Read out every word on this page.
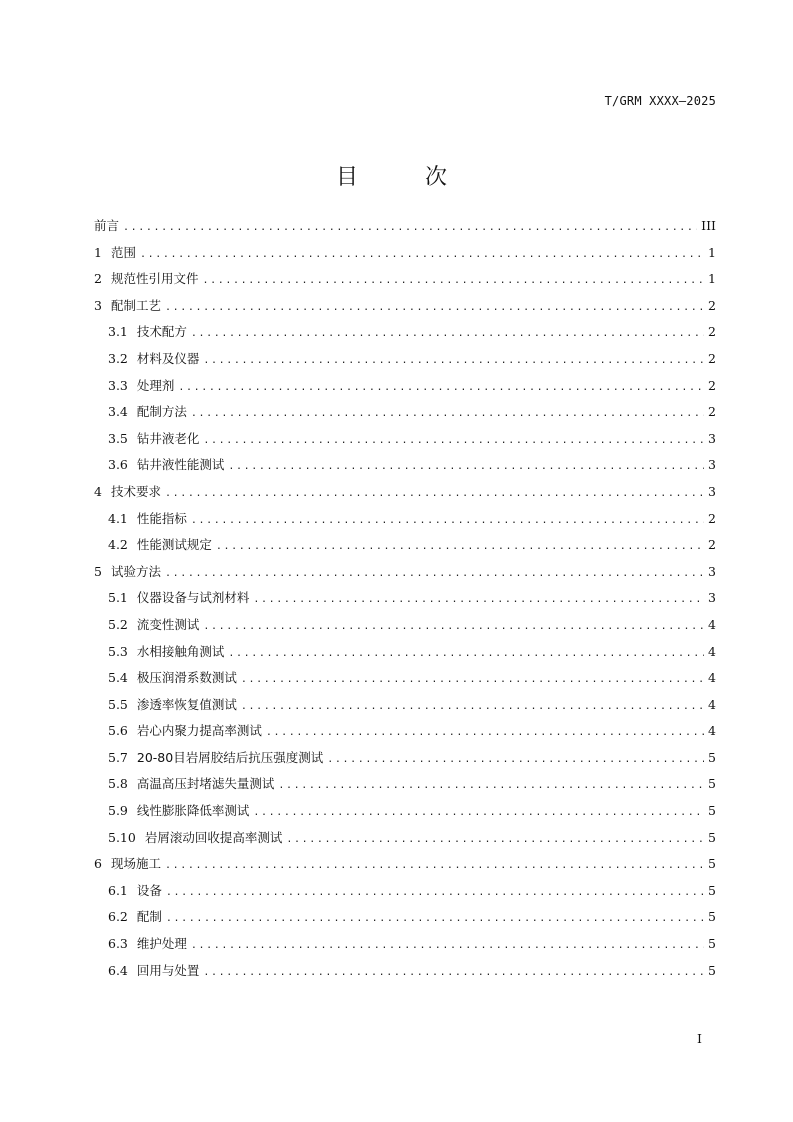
T/GRM XXXX—2025
目 次
前言 .....	III
1 范围 .....	1
2 规范性引用文件 .....	1
3 配制工艺 .....	2
3.1 技术配方 .....	2
3.2 材料及仪器 .....	2
3.3 处理剂 .....	2
3.4 配制方法 .....	2
3.5 钻井液老化 .....	3
3.6 钻井液性能测试 .....	3
4 技术要求 .....	3
4.1 性能指标 .....	2
4.2 性能测试规定 .....	2
5 试验方法 .....	3
5.1 仪器设备与试剂材料 .....	3
5.2 流变性测试 .....	4
5.3 水相接触角测试 .....	4
5.4 极压润滑系数测试 .....	4
5.5 渗透率恢复值测试 .....	4
5.6 岩心内聚力提高率测试 .....	4
5.7 20-80目岩屑胶结后抗压强度测试 .....	5
5.8 高温高压封堵滤失量测试 .....	5
5.9 线性膨胀降低率测试 .....	5
5.10 岩屑滚动回收提高率测试 .....	5
6 现场施工 .....	5
6.1 设备 .....	5
6.2 配制 .....	5
6.3 维护处理 .....	5
6.4 回用与处置 .....	5
I
